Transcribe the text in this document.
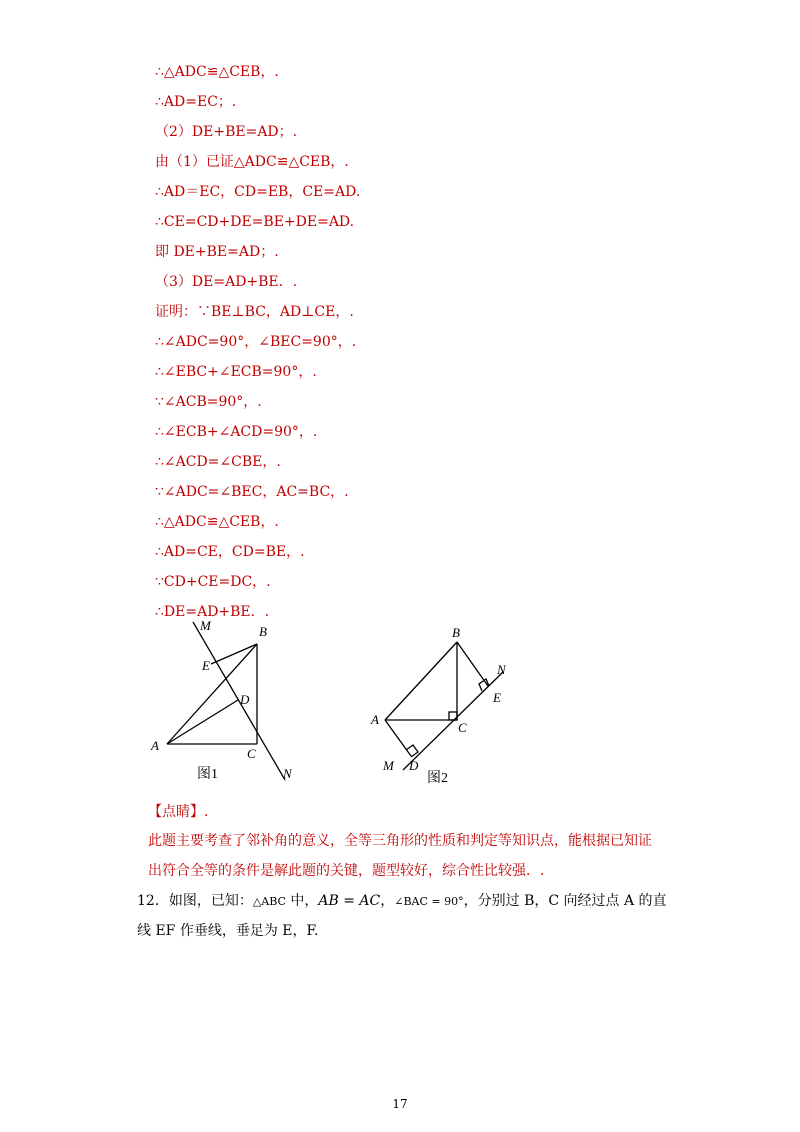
∴△ADC≌△CEB，.
∴AD=EC；.
（2）DE+BE=AD；.
由（1）已证△ADC≌△CEB，.
∴AD＝EC，CD=EB，CE=AD.
∴CE=CD+DE=BE+DE=AD.
即 DE+BE=AD；.
（3）DE=AD+BE．.
证明：∵BE⊥BC，AD⊥CE，.
∴∠ADC=90°，∠BEC=90°，.
∴∠EBC+∠ECB=90°，.
∵∠ACB=90°，.
∴∠ECB+∠ACD=90°，.
∴∠ACD=∠CBE，.
∵∠ADC=∠BEC，AC=BC，.
∴△ADC≌△CEB，.
∴AD=CE，CD=BE，.
∵CD+CE=DC，.
∴DE=AD+BE．.
M	B
E
D
A
C
N
图1
B
N
E
A
C
M D
图2
【点睛】.
此题主要考查了邻补角的意义，全等三角形的性质和判定等知识点，能根据已知证
出符合全等的条件是解此题的关键，题型较好，综合性比较强．.
12．如图，已知：△ABC 中，AB = AC，∠BAC = 90°，分别过 B，C 向经过点 A 的直
线 EF 作垂线，垂足为 E，F.
17
